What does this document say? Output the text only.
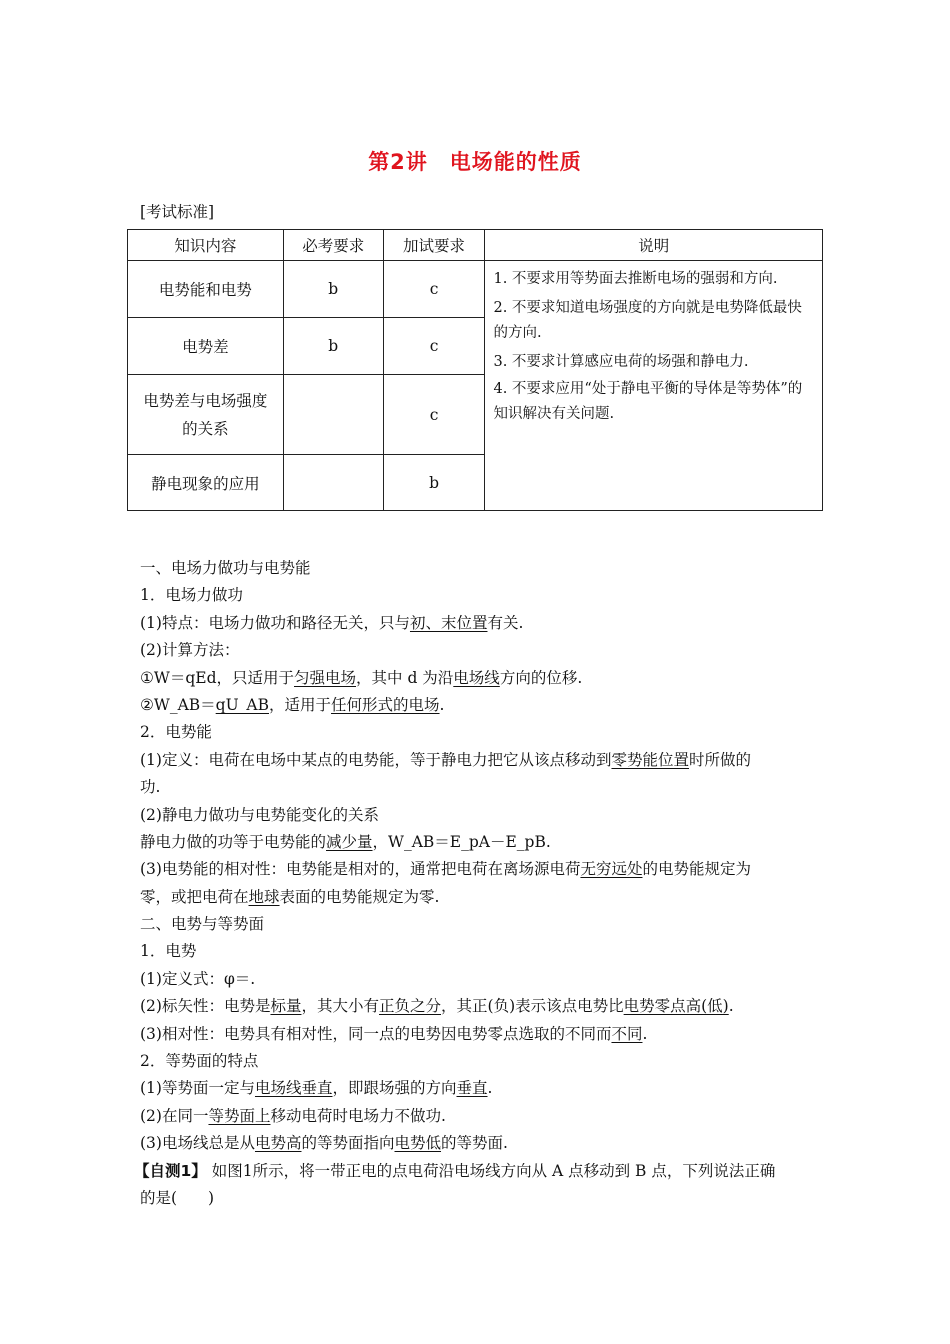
第2讲　电场能的性质
[考试标准]
知识内容	必考要求	加试要求	说明
电势能和电势	b	c	1. 不要求用等势面去推断电场的强弱和方向.

2. 不要求知道电场强度的方向就是电势降低最快的方向.

3. 不要求计算感应电荷的场强和静电力.

4. 不要求应用“处于静电平衡的导体是等势体”的知识解决有关问题.

电势差	b	c	
电势差与电场强度的关系		c	
静电现象的应用		b	
一、电场力做功与电势能
1．电场力做功
(1)特点：电场力做功和路径无关，只与初、末位置有关.
(2)计算方法：
①W＝qEd，只适用于匀强电场，其中 d 为沿电场线方向的位移.
②W_AB＝qU_AB，适用于任何形式的电场.
2．电势能
(1)定义：电荷在电场中某点的电势能，等于静电力把它从该点移动到零势能位置时所做的
功.
(2)静电力做功与电势能变化的关系
静电力做的功等于电势能的减少量，W_AB＝E_pA－E_pB.
(3)电势能的相对性：电势能是相对的，通常把电荷在离场源电荷无穷远处的电势能规定为
零，或把电荷在地球表面的电势能规定为零.
二、电势与等势面
1．电势
(1)定义式：φ＝.
(2)标矢性：电势是标量，其大小有正负之分，其正(负)表示该点电势比电势零点高(低).
(3)相对性：电势具有相对性，同一点的电势因电势零点选取的不同而不同.
2．等势面的特点
(1)等势面一定与电场线垂直，即跟场强的方向垂直.
(2)在同一等势面上移动电荷时电场力不做功.
(3)电场线总是从电势高的等势面指向电势低的等势面.
【自测1】 如图1所示，将一带正电的点电荷沿电场线方向从 A 点移动到 B 点，下列说法正确
的是(　　)
